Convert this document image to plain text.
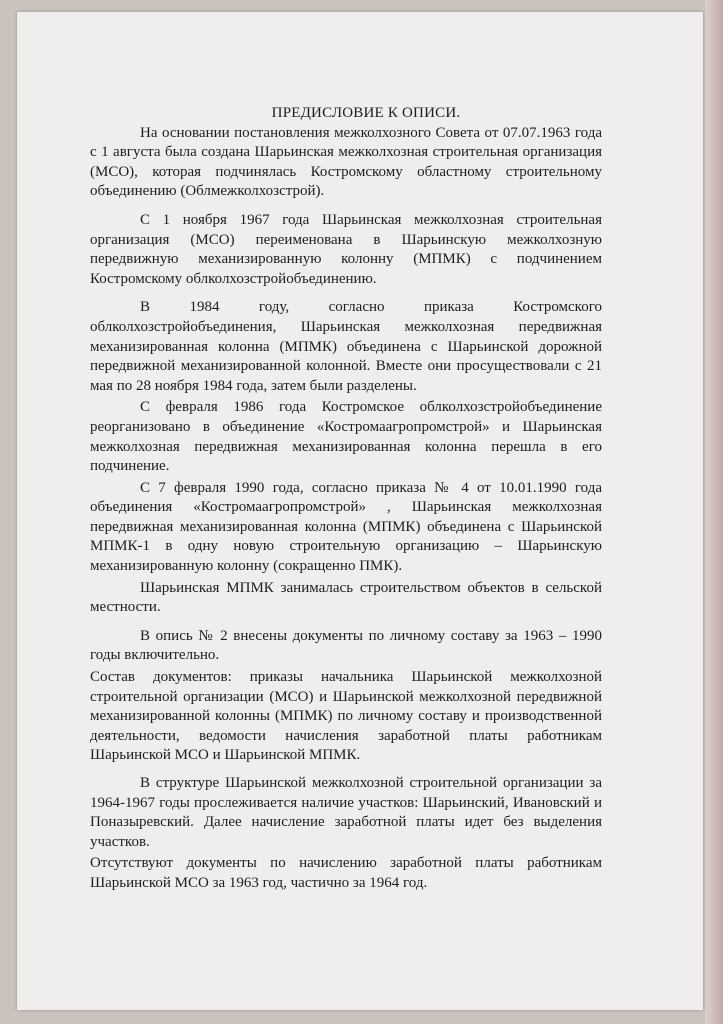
ПРЕДИСЛОВИЕ К ОПИСИ.

На основании постановления межколхозного Совета от 07.07.1963 года с 1 августа была создана Шарьинская межколхозная строительная организация (МСО), которая подчинялась Костромскому областному строительному объединению (Облмежколхозстрой).

С 1 ноября 1967 года Шарьинская межколхозная строительная организация (МСО) переименована в Шарьинскую межколхозную передвижную механизированную колонну (МПМК) с подчинением Костромскому облколхозстройобъединению.

В 1984 году, согласно приказа Костромского облколхозстройобъединения, Шарьинская межколхозная передвижная механизированная колонна (МПМК) объединена с Шарьинской дорожной передвижной механизированной колонной. Вместе они просуществовали с 21 мая по 28 ноября 1984 года, затем были разделены.

С февраля 1986 года Костромское облколхозстройобъединение реорганизовано в объединение «Костромаагропромстрой» и Шарьинская межколхозная передвижная механизированная колонна перешла в его подчинение.

С 7 февраля 1990 года, согласно приказа № 4 от 10.01.1990 года объединения «Костромаагропромстрой» , Шарьинская межколхозная передвижная механизированная колонна (МПМК) объединена с Шарьинской МПМК-1 в одну новую строительную организацию – Шарьинскую механизированную колонну (сокращенно ПМК).

Шарьинская МПМК занималась строительством объектов в сельской местности.

В опись № 2 внесены документы по личному составу за 1963 – 1990 годы включительно.

Состав документов: приказы начальника Шарьинской межколхозной строительной организации (МСО) и Шарьинской межколхозной передвижной механизированной колонны (МПМК) по личному составу и производственной деятельности, ведомости начисления заработной платы работникам Шарьинской МСО и Шарьинской МПМК.

В структуре Шарьинской межколхозной строительной организации за 1964-1967 годы прослеживается наличие участков: Шарьинский, Ивановский и Поназыревский. Далее начисление заработной платы идет без выделения участков.

Отсутствуют документы по начислению заработной платы работникам Шарьинской МСО за 1963 год, частично за 1964 год.
